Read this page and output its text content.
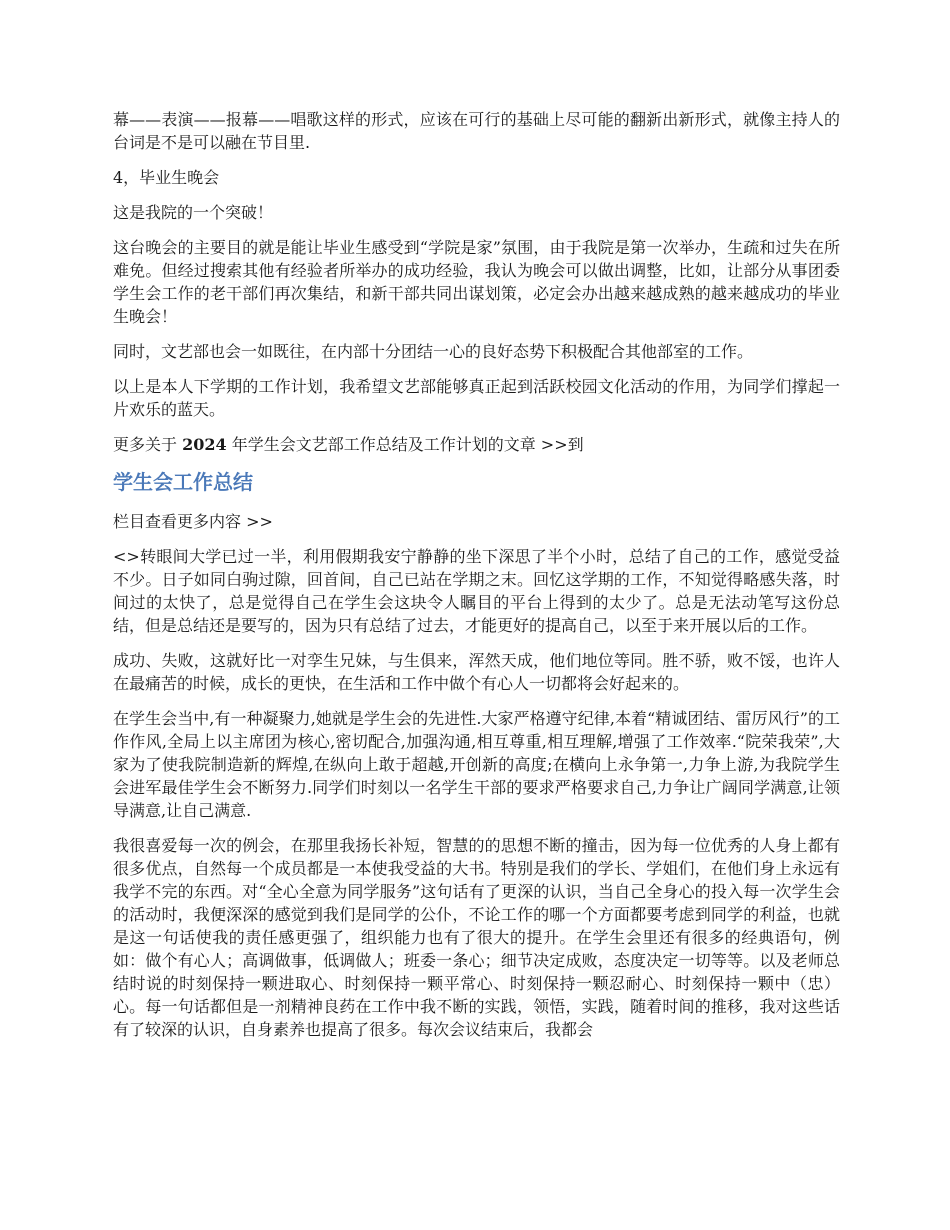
幕——表演——报幕——唱歌这样的形式，应该在可行的基础上尽可能的翻新出新形式，就像主持人的台词是不是可以融在节目里.

4，毕业生晚会

这是我院的一个突破！

这台晚会的主要目的就是能让毕业生感受到“学院是家”氛围，由于我院是第一次举办，生疏和过失在所难免。但经过搜索其他有经验者所举办的成功经验，我认为晚会可以做出调整，比如，让部分从事团委学生会工作的老干部们再次集结，和新干部共同出谋划策，必定会办出越来越成熟的越来越成功的毕业生晚会！

同时，文艺部也会一如既往，在内部十分团结一心的良好态势下积极配合其他部室的工作。

以上是本人下学期的工作计划，我希望文艺部能够真正起到活跃校园文化活动的作用，为同学们撑起一片欢乐的蓝天。

更多关于 2024 年学生会文艺部工作总结及工作计划的文章 >>到

学生会工作总结

栏目查看更多内容 >>

<>转眼间大学已过一半，利用假期我安宁静静的坐下深思了半个小时，总结了自己的工作，感觉受益不少。日子如同白驹过隙，回首间，自己已站在学期之末。回忆这学期的工作，不知觉得略感失落，时间过的太快了，总是觉得自己在学生会这块令人瞩目的平台上得到的太少了。总是无法动笔写这份总结，但是总结还是要写的，因为只有总结了过去，才能更好的提高自己，以至于来开展以后的工作。

成功、失败，这就好比一对孪生兄妹，与生俱来，浑然天成，他们地位等同。胜不骄，败不馁，也许人在最痛苦的时候，成长的更快，在生活和工作中做个有心人一切都将会好起来的。

在学生会当中,有一种凝聚力,她就是学生会的先进性.大家严格遵守纪律,本着“精诚团结、雷厉风行”的工作作风,全局上以主席团为核心,密切配合,加强沟通,相互尊重,相互理解,增强了工作效率.“院荣我荣”,大家为了使我院制造新的辉煌,在纵向上敢于超越,开创新的高度;在横向上永争第一,力争上游,为我院学生会进军最佳学生会不断努力.同学们时刻以一名学生干部的要求严格要求自己,力争让广阔同学满意,让领导满意,让自己满意.

我很喜爱每一次的例会，在那里我扬长补短，智慧的的思想不断的撞击，因为每一位优秀的人身上都有很多优点，自然每一个成员都是一本使我受益的大书。特别是我们的学长、学姐们，在他们身上永远有我学不完的东西。对“全心全意为同学服务”这句话有了更深的认识，当自己全身心的投入每一次学生会的活动时，我便深深的感觉到我们是同学的公仆，不论工作的哪一个方面都要考虑到同学的利益，也就是这一句话使我的责任感更强了，组织能力也有了很大的提升。在学生会里还有很多的经典语句，例如：做个有心人；高调做事，低调做人；班委一条心；细节决定成败，态度决定一切等等。以及老师总结时说的时刻保持一颗进取心、时刻保持一颗平常心、时刻保持一颗忍耐心、时刻保持一颗中（忠）心。每一句话都但是一剂精神良药在工作中我不断的实践，领悟，实践，随着时间的推移，我对这些话有了较深的认识，自身素养也提高了很多。每次会议结束后，我都会
